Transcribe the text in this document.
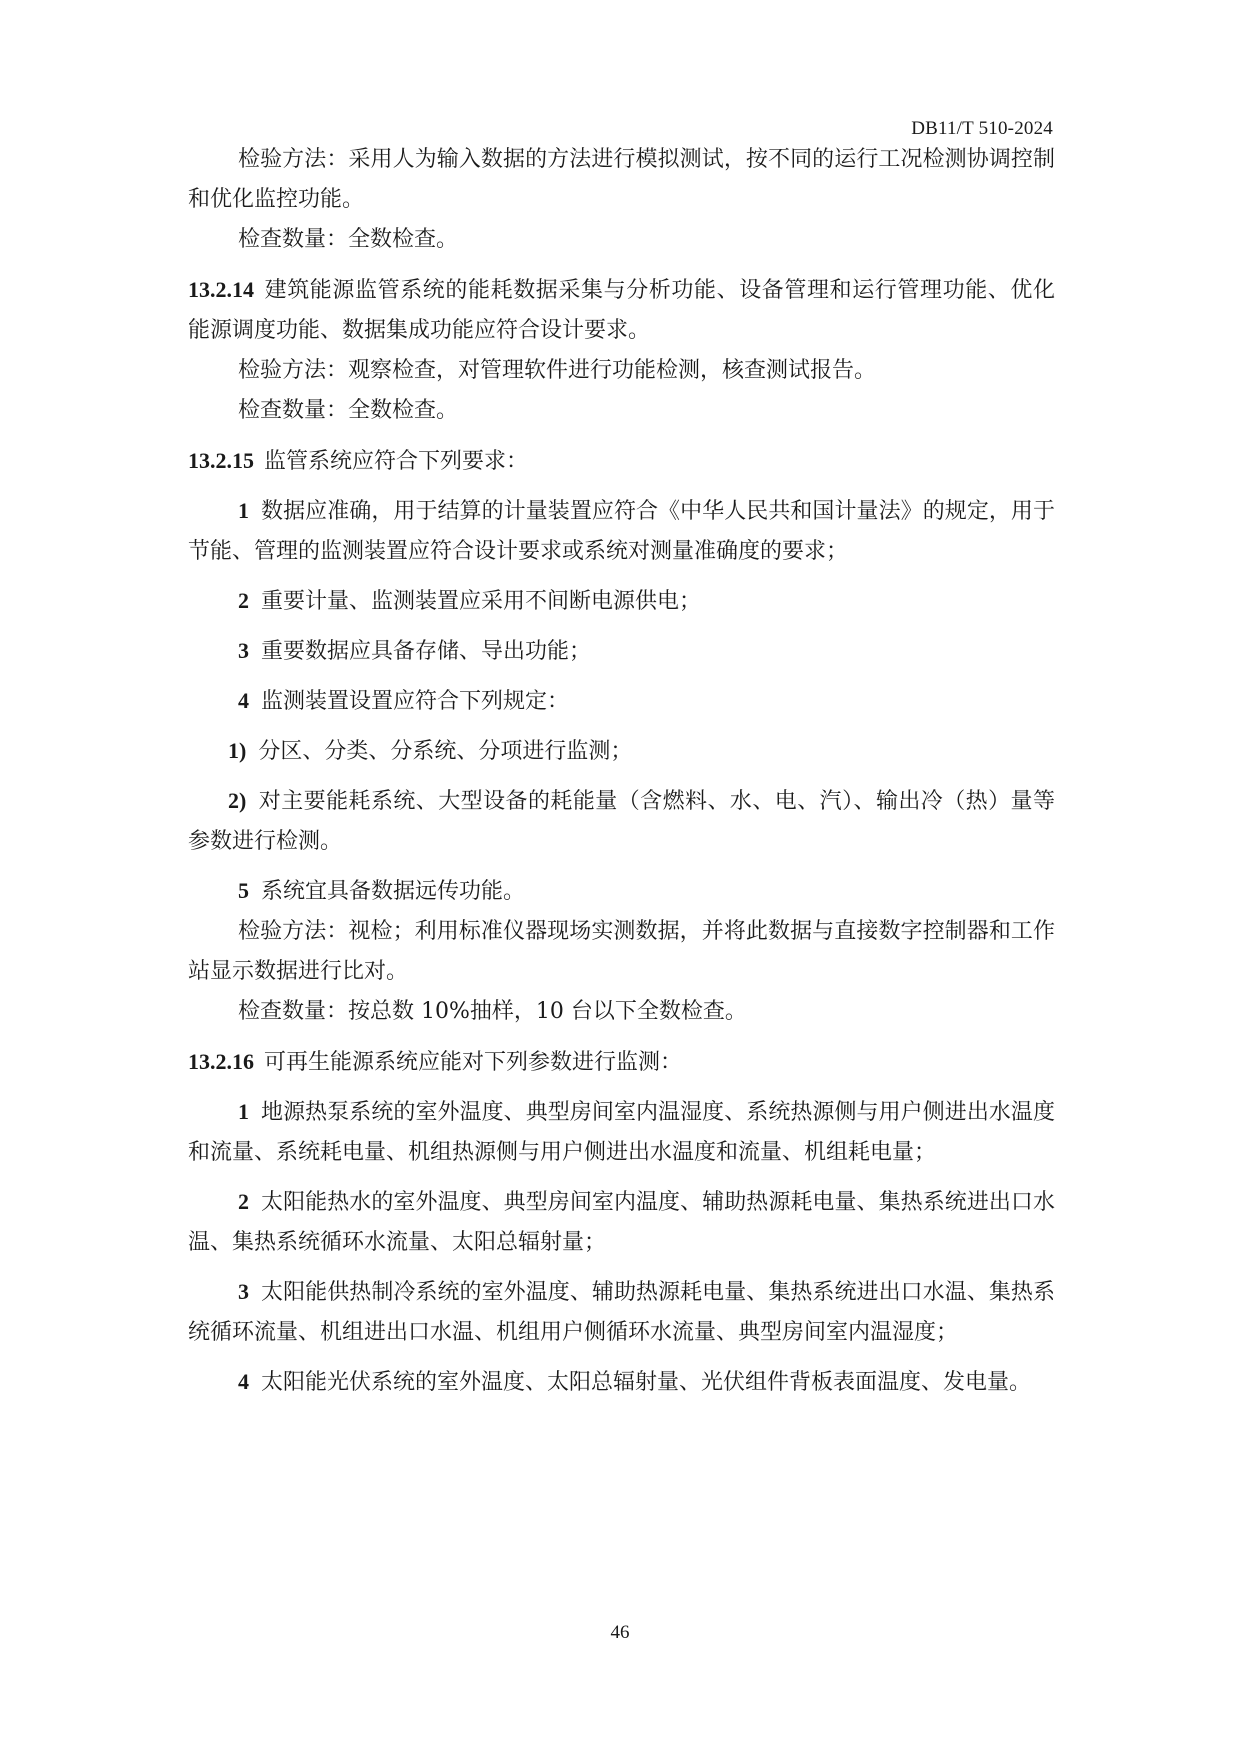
DB11/T 510-2024

检验方法：采用人为输入数据的方法进行模拟测试，按不同的运行工况检测协调控制和优化监控功能。

检查数量：全数检查。

13.2.14 建筑能源监管系统的能耗数据采集与分析功能、设备管理和运行管理功能、优化能源调度功能、数据集成功能应符合设计要求。

检验方法：观察检查，对管理软件进行功能检测，核查测试报告。

检查数量：全数检查。

13.2.15 监管系统应符合下列要求：

1 数据应准确，用于结算的计量装置应符合《中华人民共和国计量法》的规定，用于节能、管理的监测装置应符合设计要求或系统对测量准确度的要求；

2 重要计量、监测装置应采用不间断电源供电；

3 重要数据应具备存储、导出功能；

4 监测装置设置应符合下列规定：

1) 分区、分类、分系统、分项进行监测；

2) 对主要能耗系统、大型设备的耗能量（含燃料、水、电、汽）、输出冷（热）量等参数进行检测。

5 系统宜具备数据远传功能。

检验方法：视检；利用标准仪器现场实测数据，并将此数据与直接数字控制器和工作站显示数据进行比对。

检查数量：按总数 10%抽样，10 台以下全数检查。

13.2.16 可再生能源系统应能对下列参数进行监测：

1 地源热泵系统的室外温度、典型房间室内温湿度、系统热源侧与用户侧进出水温度和流量、系统耗电量、机组热源侧与用户侧进出水温度和流量、机组耗电量；

2 太阳能热水的室外温度、典型房间室内温度、辅助热源耗电量、集热系统进出口水温、集热系统循环水流量、太阳总辐射量；

3 太阳能供热制冷系统的室外温度、辅助热源耗电量、集热系统进出口水温、集热系统循环流量、机组进出口水温、机组用户侧循环水流量、典型房间室内温湿度；

4 太阳能光伏系统的室外温度、太阳总辐射量、光伏组件背板表面温度、发电量。

46
